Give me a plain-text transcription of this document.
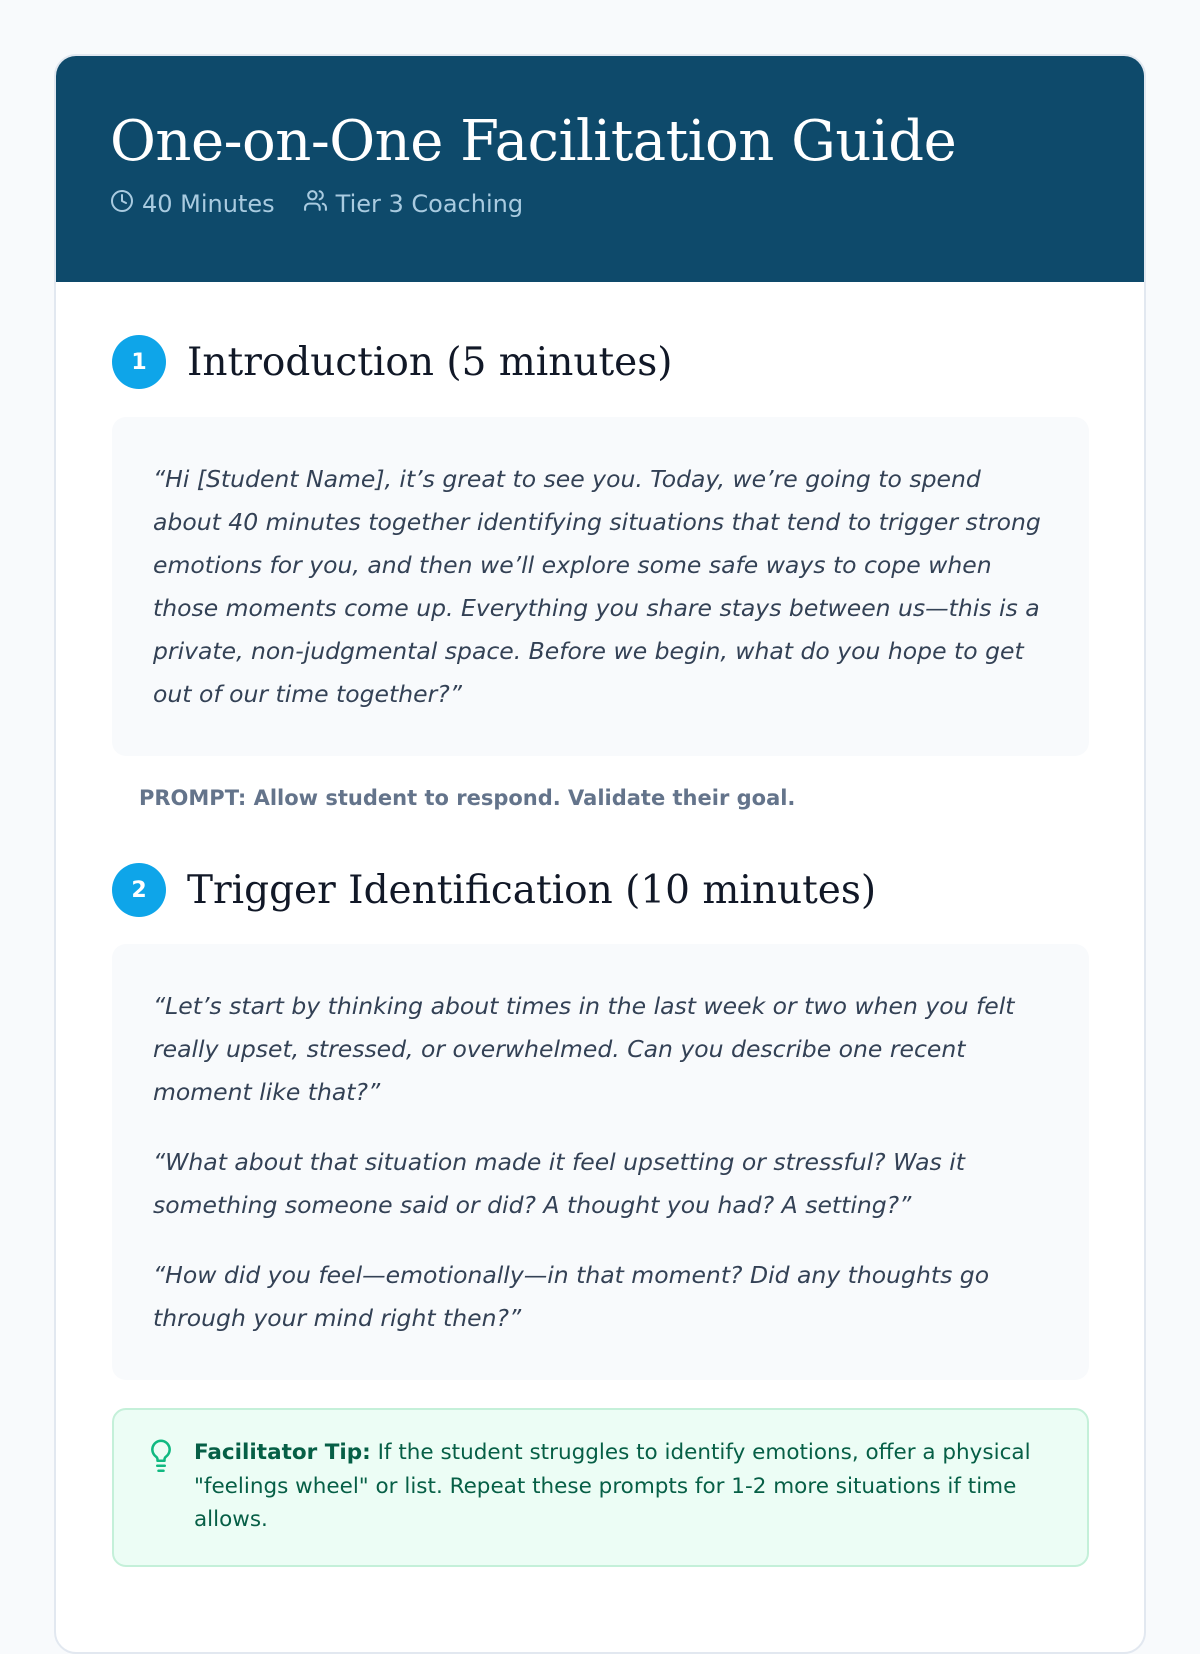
One-on-One Facilitation Guide
40 Minutes	Tier 3 Coaching
1	Introduction (5 minutes)

“Hi [Student Name], it’s great to see you. Today, we’re going to spend about 40 minutes together identifying situations that tend to trigger strong emotions for you, and then we’ll explore some safe ways to cope when those moments come up. Everything you share stays between us—this is a private, non-judgmental space. Before we begin, what do you hope to get out of our time together?”

PROMPT: Allow student to respond. Validate their goal.
2	Trigger Identification (10 minutes)

“Let’s start by thinking about times in the last week or two when you felt really upset, stressed, or overwhelmed. Can you describe one recent moment like that?”

“What about that situation made it feel upsetting or stressful? Was it something someone said or did? A thought you had? A setting?”

“How did you feel—emotionally—in that moment? Did any thoughts go through your mind right then?”

Facilitator Tip: If the student struggles to identify emotions, offer a physical "feelings wheel" or list. Repeat these prompts for 1-2 more situations if time allows.
